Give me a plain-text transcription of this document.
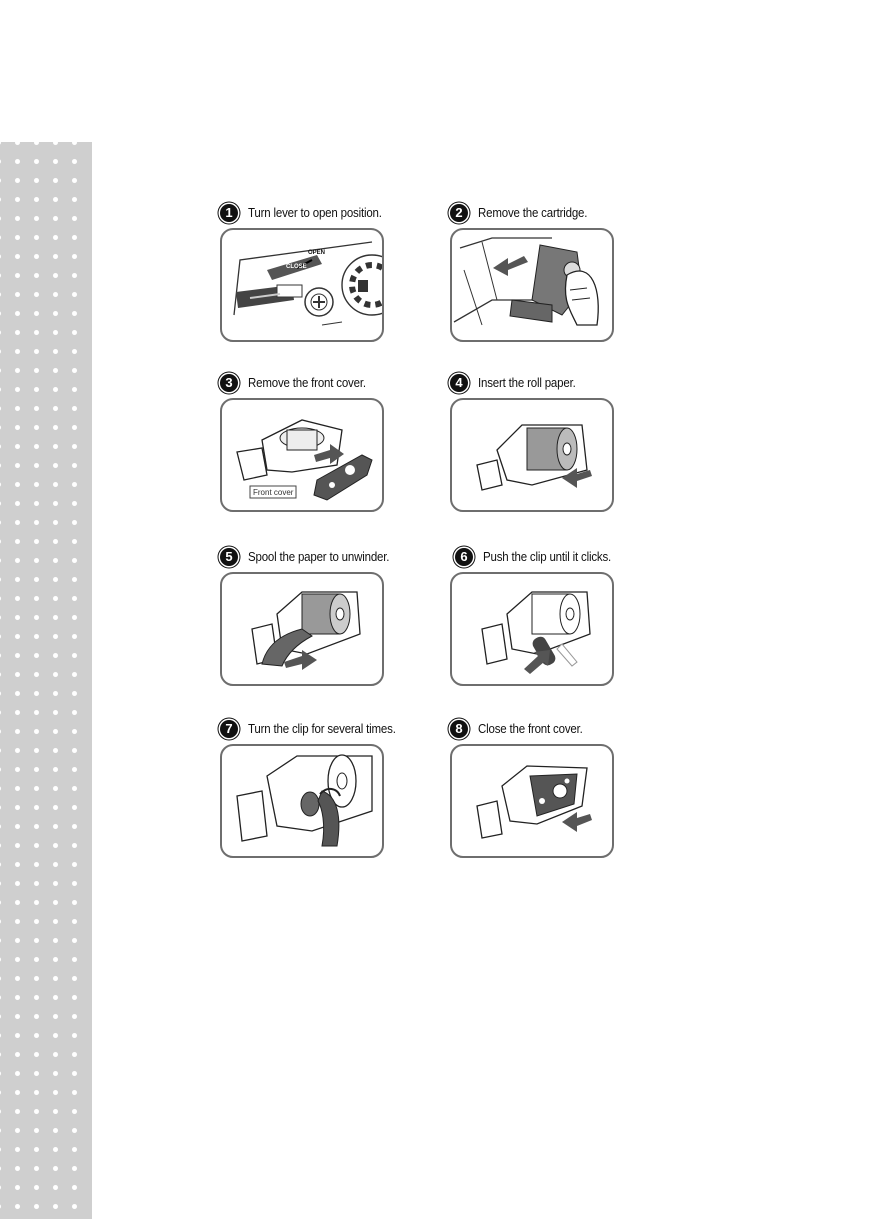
1	Turn lever to open position.
OPEN
CLOSE
2	Remove the cartridge.
3	Remove the front cover.
Front cover
4	Insert the roll paper.
5	Spool the paper to unwinder.	6	Push the clip until it clicks.
7	Turn the clip for several times.	8	Close the front cover.
